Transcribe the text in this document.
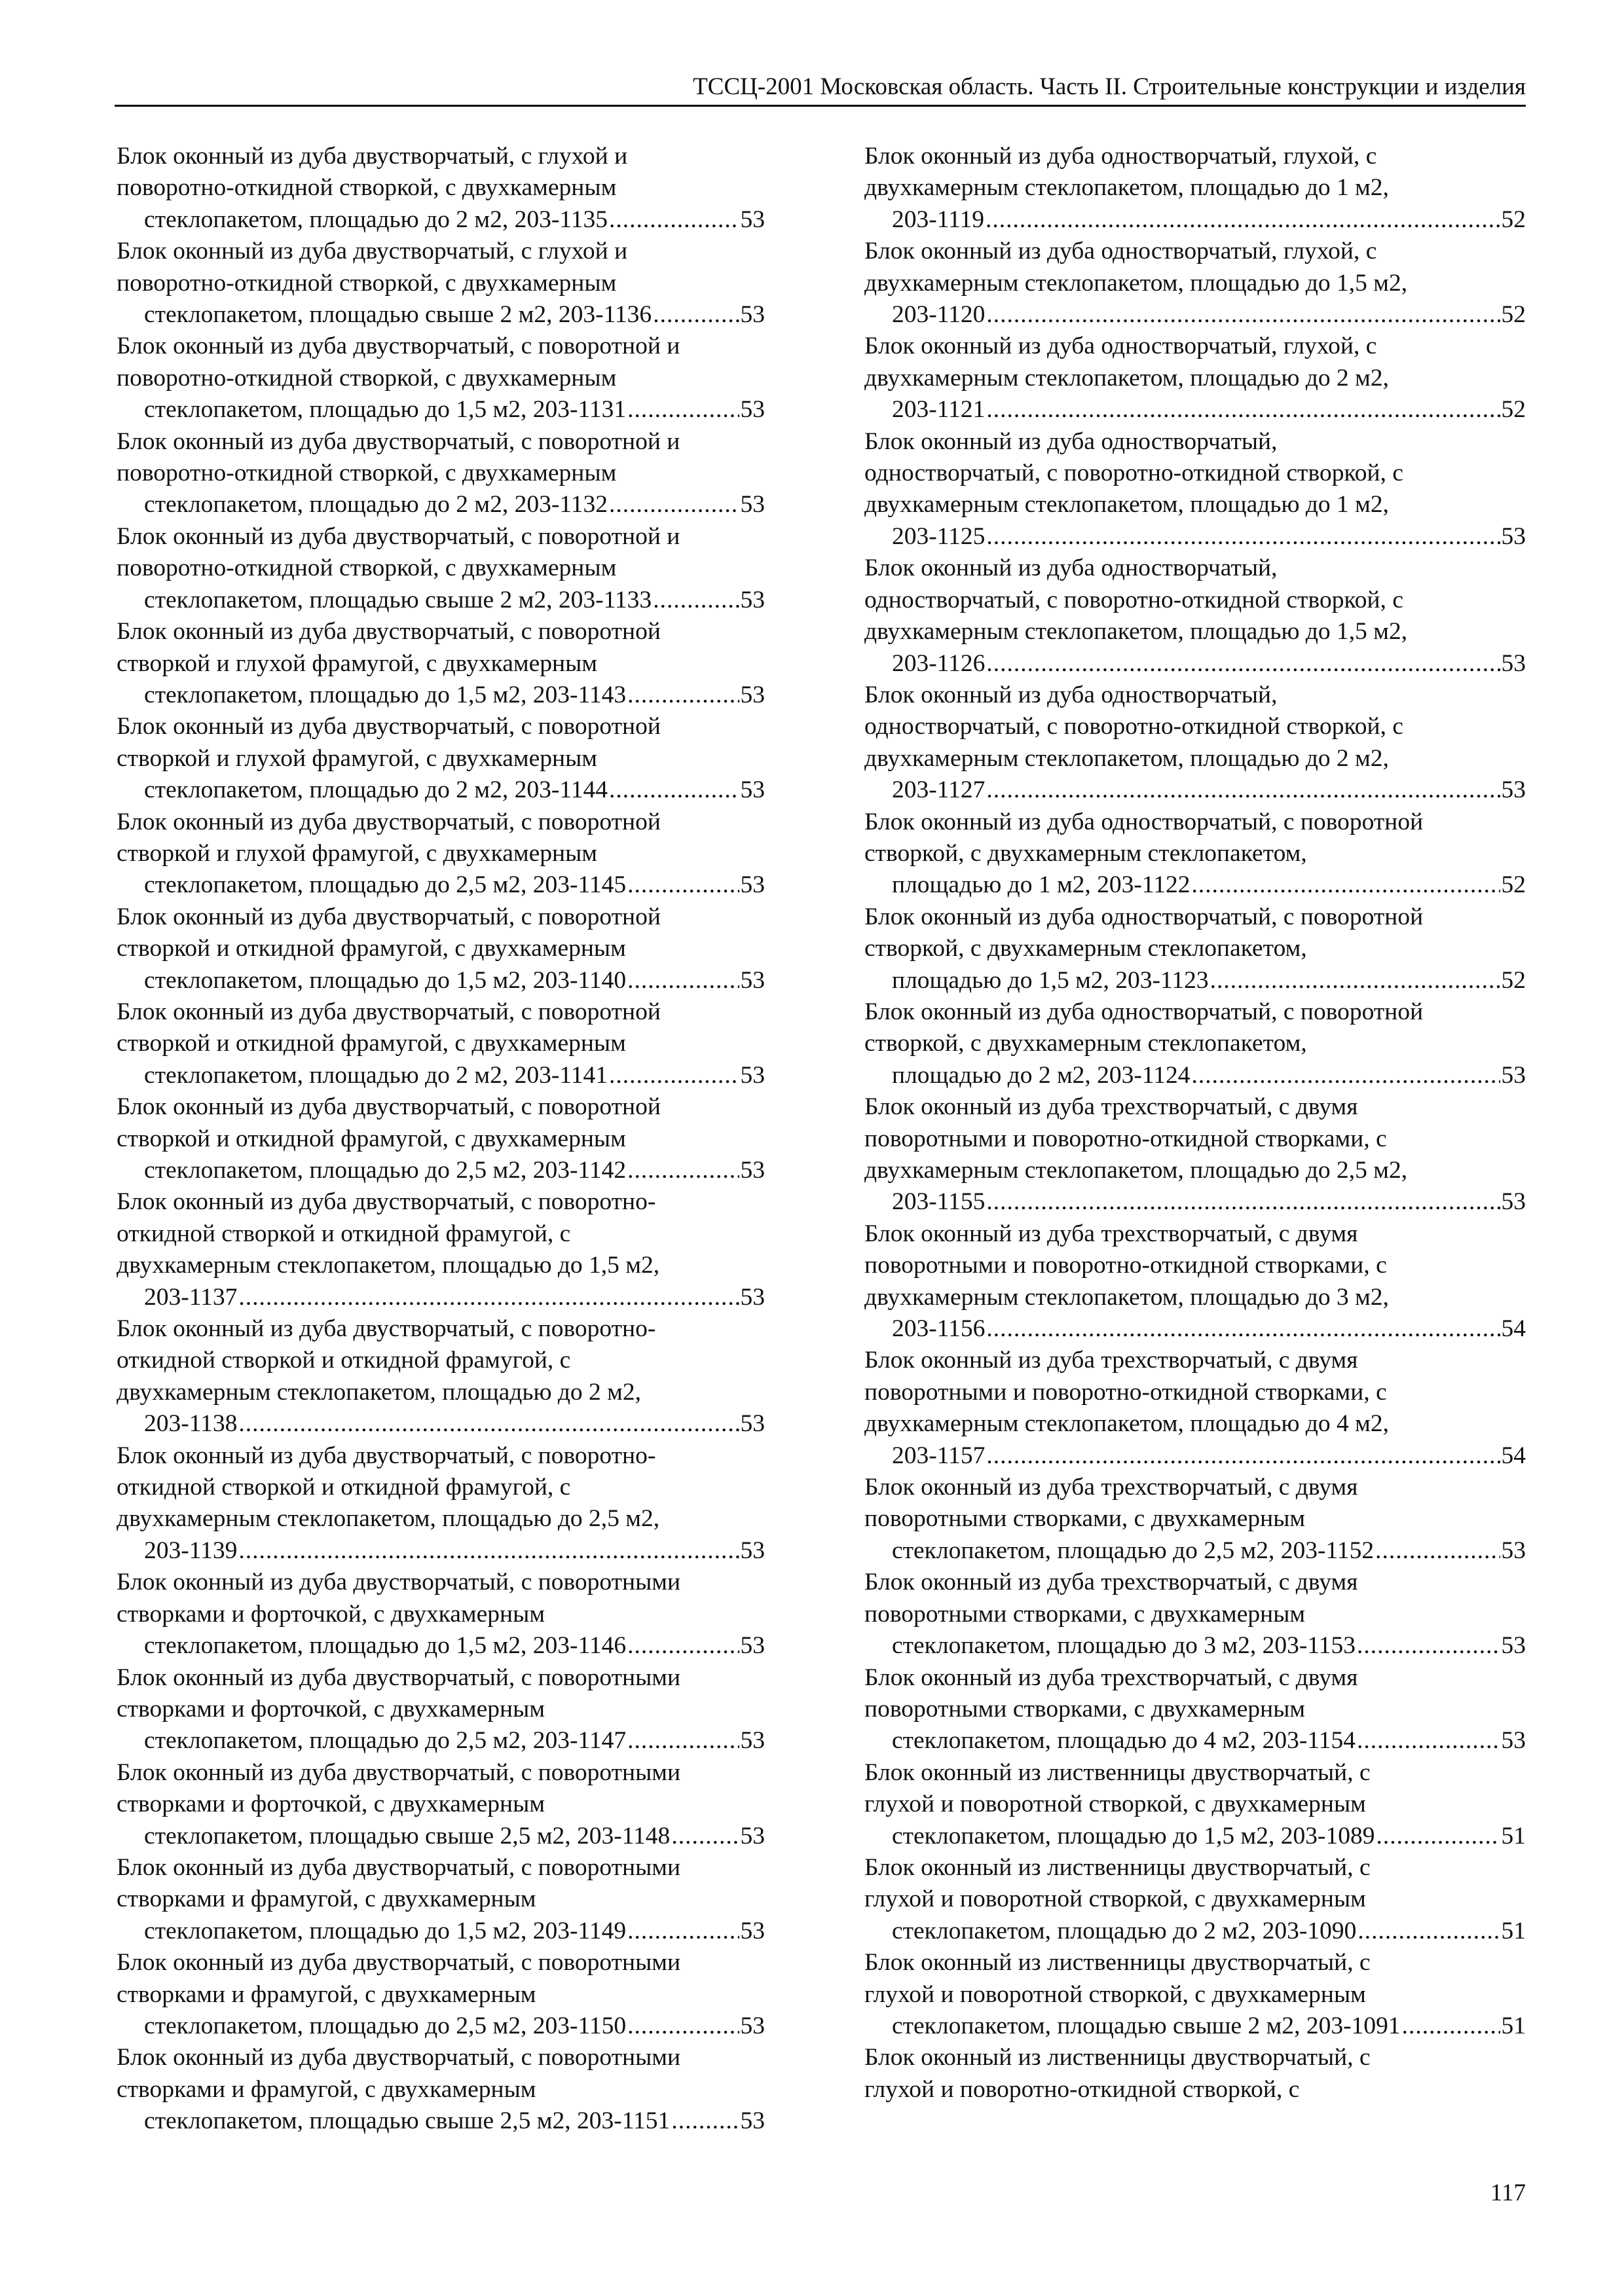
ТССЦ-2001 Московская область. Часть II. Строительные конструкции и изделия
Блок оконный из дуба двустворчатый, с глухой и
поворотно-откидной створкой, с двухкамерным
стеклопакетом, площадью до 2 м2, 203-1135 .....	53
Блок оконный из дуба двустворчатый, с глухой и
поворотно-откидной створкой, с двухкамерным
стеклопакетом, площадью свыше 2 м2, 203-1136 .....	53
Блок оконный из дуба двустворчатый, с поворотной и
поворотно-откидной створкой, с двухкамерным
стеклопакетом, площадью до 1,5 м2, 203-1131 .....	53
Блок оконный из дуба двустворчатый, с поворотной и
поворотно-откидной створкой, с двухкамерным
стеклопакетом, площадью до 2 м2, 203-1132 .....	53
Блок оконный из дуба двустворчатый, с поворотной и
поворотно-откидной створкой, с двухкамерным
стеклопакетом, площадью свыше 2 м2, 203-1133 .....	53
Блок оконный из дуба двустворчатый, с поворотной
створкой и глухой фрамугой, с двухкамерным
стеклопакетом, площадью до 1,5 м2, 203-1143 .....	53
Блок оконный из дуба двустворчатый, с поворотной
створкой и глухой фрамугой, с двухкамерным
стеклопакетом, площадью до 2 м2, 203-1144 .....	53
Блок оконный из дуба двустворчатый, с поворотной
створкой и глухой фрамугой, с двухкамерным
стеклопакетом, площадью до 2,5 м2, 203-1145 .....	53
Блок оконный из дуба двустворчатый, с поворотной
створкой и откидной фрамугой, с двухкамерным
стеклопакетом, площадью до 1,5 м2, 203-1140 .....	53
Блок оконный из дуба двустворчатый, с поворотной
створкой и откидной фрамугой, с двухкамерным
стеклопакетом, площадью до 2 м2, 203-1141 .....	53
Блок оконный из дуба двустворчатый, с поворотной
створкой и откидной фрамугой, с двухкамерным
стеклопакетом, площадью до 2,5 м2, 203-1142 .....	53
Блок оконный из дуба двустворчатый, с поворотно-
откидной створкой и откидной фрамугой, с
двухкамерным стеклопакетом, площадью до 1,5 м2,
203-1137 .....	53
Блок оконный из дуба двустворчатый, с поворотно-
откидной створкой и откидной фрамугой, с
двухкамерным стеклопакетом, площадью до 2 м2,
203-1138 .....	53
Блок оконный из дуба двустворчатый, с поворотно-
откидной створкой и откидной фрамугой, с
двухкамерным стеклопакетом, площадью до 2,5 м2,
203-1139 .....	53
Блок оконный из дуба двустворчатый, с поворотными
створками и форточкой, с двухкамерным
стеклопакетом, площадью до 1,5 м2, 203-1146 .....	53
Блок оконный из дуба двустворчатый, с поворотными
створками и форточкой, с двухкамерным
стеклопакетом, площадью до 2,5 м2, 203-1147 .....	53
Блок оконный из дуба двустворчатый, с поворотными
створками и форточкой, с двухкамерным
стеклопакетом, площадью свыше 2,5 м2, 203-1148 .....	53
Блок оконный из дуба двустворчатый, с поворотными
створками и фрамугой, с двухкамерным
стеклопакетом, площадью до 1,5 м2, 203-1149 .....	53
Блок оконный из дуба двустворчатый, с поворотными
створками и фрамугой, с двухкамерным
стеклопакетом, площадью до 2,5 м2, 203-1150 .....	53
Блок оконный из дуба двустворчатый, с поворотными
створками и фрамугой, с двухкамерным
стеклопакетом, площадью свыше 2,5 м2, 203-1151 .....	53
Блок оконный из дуба одностворчатый, глухой, с
двухкамерным стеклопакетом, площадью до 1 м2,
203-1119 .....	52
Блок оконный из дуба одностворчатый, глухой, с
двухкамерным стеклопакетом, площадью до 1,5 м2,
203-1120 .....	52
Блок оконный из дуба одностворчатый, глухой, с
двухкамерным стеклопакетом, площадью до 2 м2,
203-1121 .....	52
Блок оконный из дуба одностворчатый,
одностворчатый, с поворотно-откидной створкой, с
двухкамерным стеклопакетом, площадью до 1 м2,
203-1125 .....	53
Блок оконный из дуба одностворчатый,
одностворчатый, с поворотно-откидной створкой, с
двухкамерным стеклопакетом, площадью до 1,5 м2,
203-1126 .....	53
Блок оконный из дуба одностворчатый,
одностворчатый, с поворотно-откидной створкой, с
двухкамерным стеклопакетом, площадью до 2 м2,
203-1127 .....	53
Блок оконный из дуба одностворчатый, с поворотной
створкой, с двухкамерным стеклопакетом,
площадью до 1 м2, 203-1122 .....	52
Блок оконный из дуба одностворчатый, с поворотной
створкой, с двухкамерным стеклопакетом,
площадью до 1,5 м2, 203-1123 .....	52
Блок оконный из дуба одностворчатый, с поворотной
створкой, с двухкамерным стеклопакетом,
площадью до 2 м2, 203-1124 .....	53
Блок оконный из дуба трехстворчатый, с двумя
поворотными и поворотно-откидной створками, с
двухкамерным стеклопакетом, площадью до 2,5 м2,
203-1155 .....	53
Блок оконный из дуба трехстворчатый, с двумя
поворотными и поворотно-откидной створками, с
двухкамерным стеклопакетом, площадью до 3 м2,
203-1156 .....	54
Блок оконный из дуба трехстворчатый, с двумя
поворотными и поворотно-откидной створками, с
двухкамерным стеклопакетом, площадью до 4 м2,
203-1157 .....	54
Блок оконный из дуба трехстворчатый, с двумя
поворотными створками, с двухкамерным
стеклопакетом, площадью до 2,5 м2, 203-1152 .....	53
Блок оконный из дуба трехстворчатый, с двумя
поворотными створками, с двухкамерным
стеклопакетом, площадью до 3 м2, 203-1153 .....	53
Блок оконный из дуба трехстворчатый, с двумя
поворотными створками, с двухкамерным
стеклопакетом, площадью до 4 м2, 203-1154 .....	53
Блок оконный из лиственницы двустворчатый, с
глухой и поворотной створкой, с двухкамерным
стеклопакетом, площадью до 1,5 м2, 203-1089 .....	51
Блок оконный из лиственницы двустворчатый, с
глухой и поворотной створкой, с двухкамерным
стеклопакетом, площадью до 2 м2, 203-1090 .....	51
Блок оконный из лиственницы двустворчатый, с
глухой и поворотной створкой, с двухкамерным
стеклопакетом, площадью свыше 2 м2, 203-1091 .....	51
Блок оконный из лиственницы двустворчатый, с
глухой и поворотно-откидной створкой, с
117
